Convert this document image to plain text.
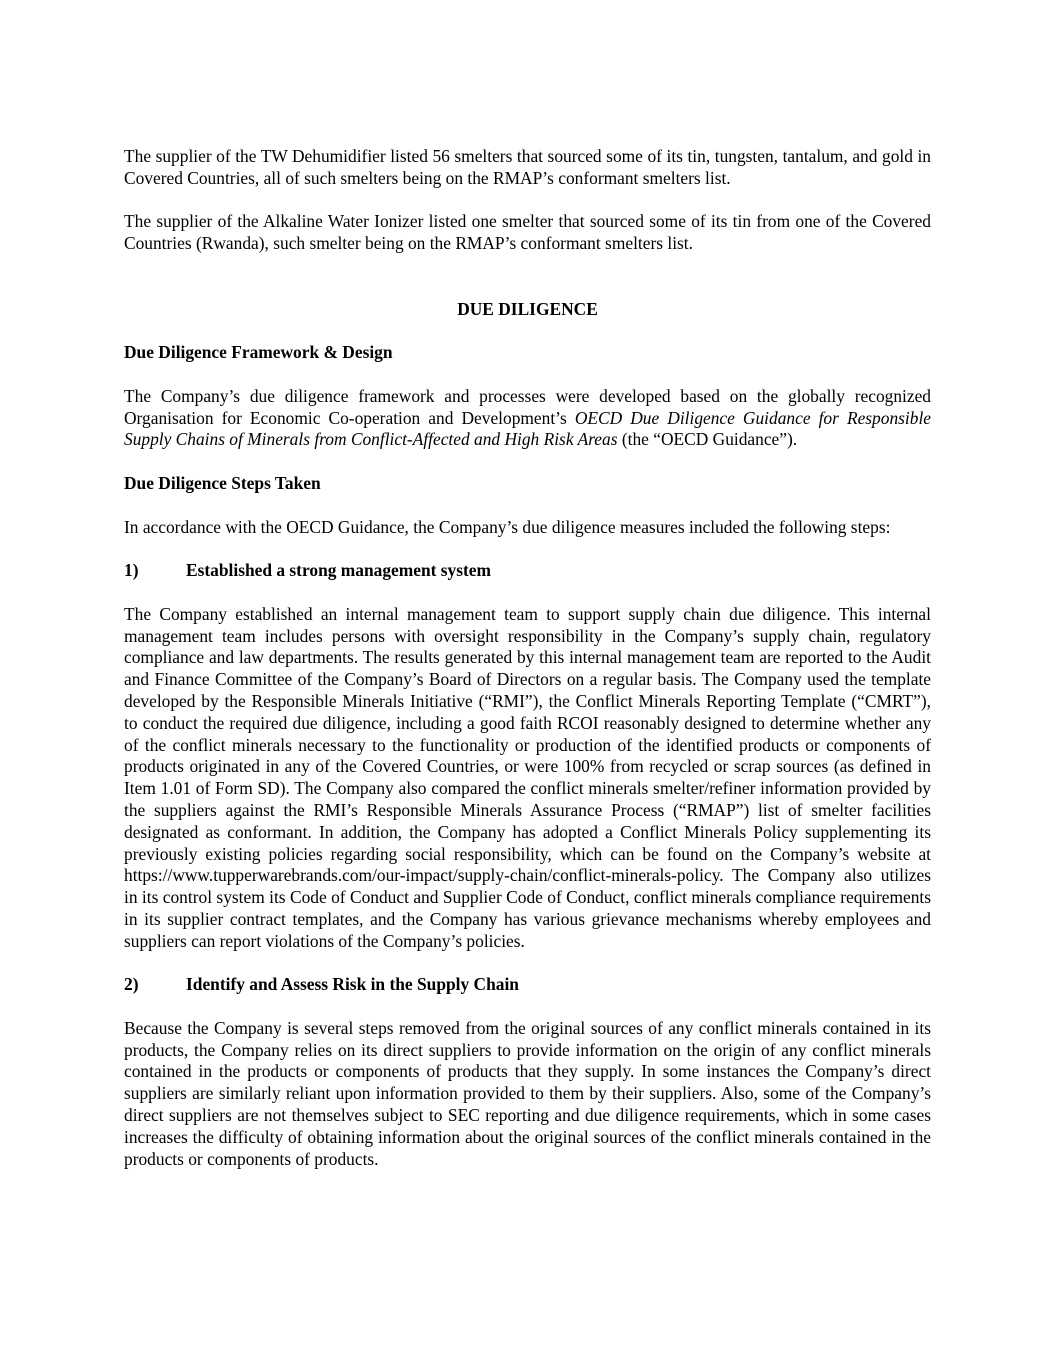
The supplier of the TW Dehumidifier listed 56 smelters that sourced some of its tin, tungsten, tantalum, and gold in Covered Countries, all of such smelters being on the RMAP’s conformant smelters list.

The supplier of the Alkaline Water Ionizer listed one smelter that sourced some of its tin from one of the Covered Countries (Rwanda), such smelter being on the RMAP’s conformant smelters list.

DUE DILIGENCE

Due Diligence Framework & Design

The Company’s due diligence framework and processes were developed based on the globally recognized Organisation for Economic Co-operation and Development’s OECD Due Diligence Guidance for Responsible Supply Chains of Minerals from Conflict-Affected and High Risk Areas (the “OECD Guidance”).

Due Diligence Steps Taken

In accordance with the OECD Guidance, the Company’s due diligence measures included the following steps:

1)	Established a strong management system

The Company established an internal management team to support supply chain due diligence. This internal management team includes persons with oversight responsibility in the Company’s supply chain, regulatory compliance and law departments. The results generated by this internal management team are reported to the Audit and Finance Committee of the Company’s Board of Directors on a regular basis. The Company used the template developed by the Responsible Minerals Initiative (“RMI”), the Conflict Minerals Reporting Template (“CMRT”), to conduct the required due diligence, including a good faith RCOI reasonably designed to determine whether any of the conflict minerals necessary to the functionality or production of the identified products or components of products originated in any of the Covered Countries, or were 100% from recycled or scrap sources (as defined in Item 1.01 of Form SD). The Company also compared the conflict minerals smelter/refiner information provided by the suppliers against the RMI’s Responsible Minerals Assurance Process (“RMAP”) list of smelter facilities designated as conformant. In addition, the Company has adopted a Conflict Minerals Policy supplementing its previously existing policies regarding social responsibility, which can be found on the Company’s website at https://www.tupperwarebrands.com/our-impact/supply-chain/conflict-minerals-policy. The Company also utilizes in its control system its Code of Conduct and Supplier Code of Conduct, conflict minerals compliance requirements in its supplier contract templates, and the Company has various grievance mechanisms whereby employees and suppliers can report violations of the Company’s policies.

2)	Identify and Assess Risk in the Supply Chain

Because the Company is several steps removed from the original sources of any conflict minerals contained in its products, the Company relies on its direct suppliers to provide information on the origin of any conflict minerals contained in the products or components of products that they supply. In some instances the Company’s direct suppliers are similarly reliant upon information provided to them by their suppliers. Also, some of the Company’s direct suppliers are not themselves subject to SEC reporting and due diligence requirements, which in some cases increases the difficulty of obtaining information about the original sources of the conflict minerals contained in the products or components of products.
